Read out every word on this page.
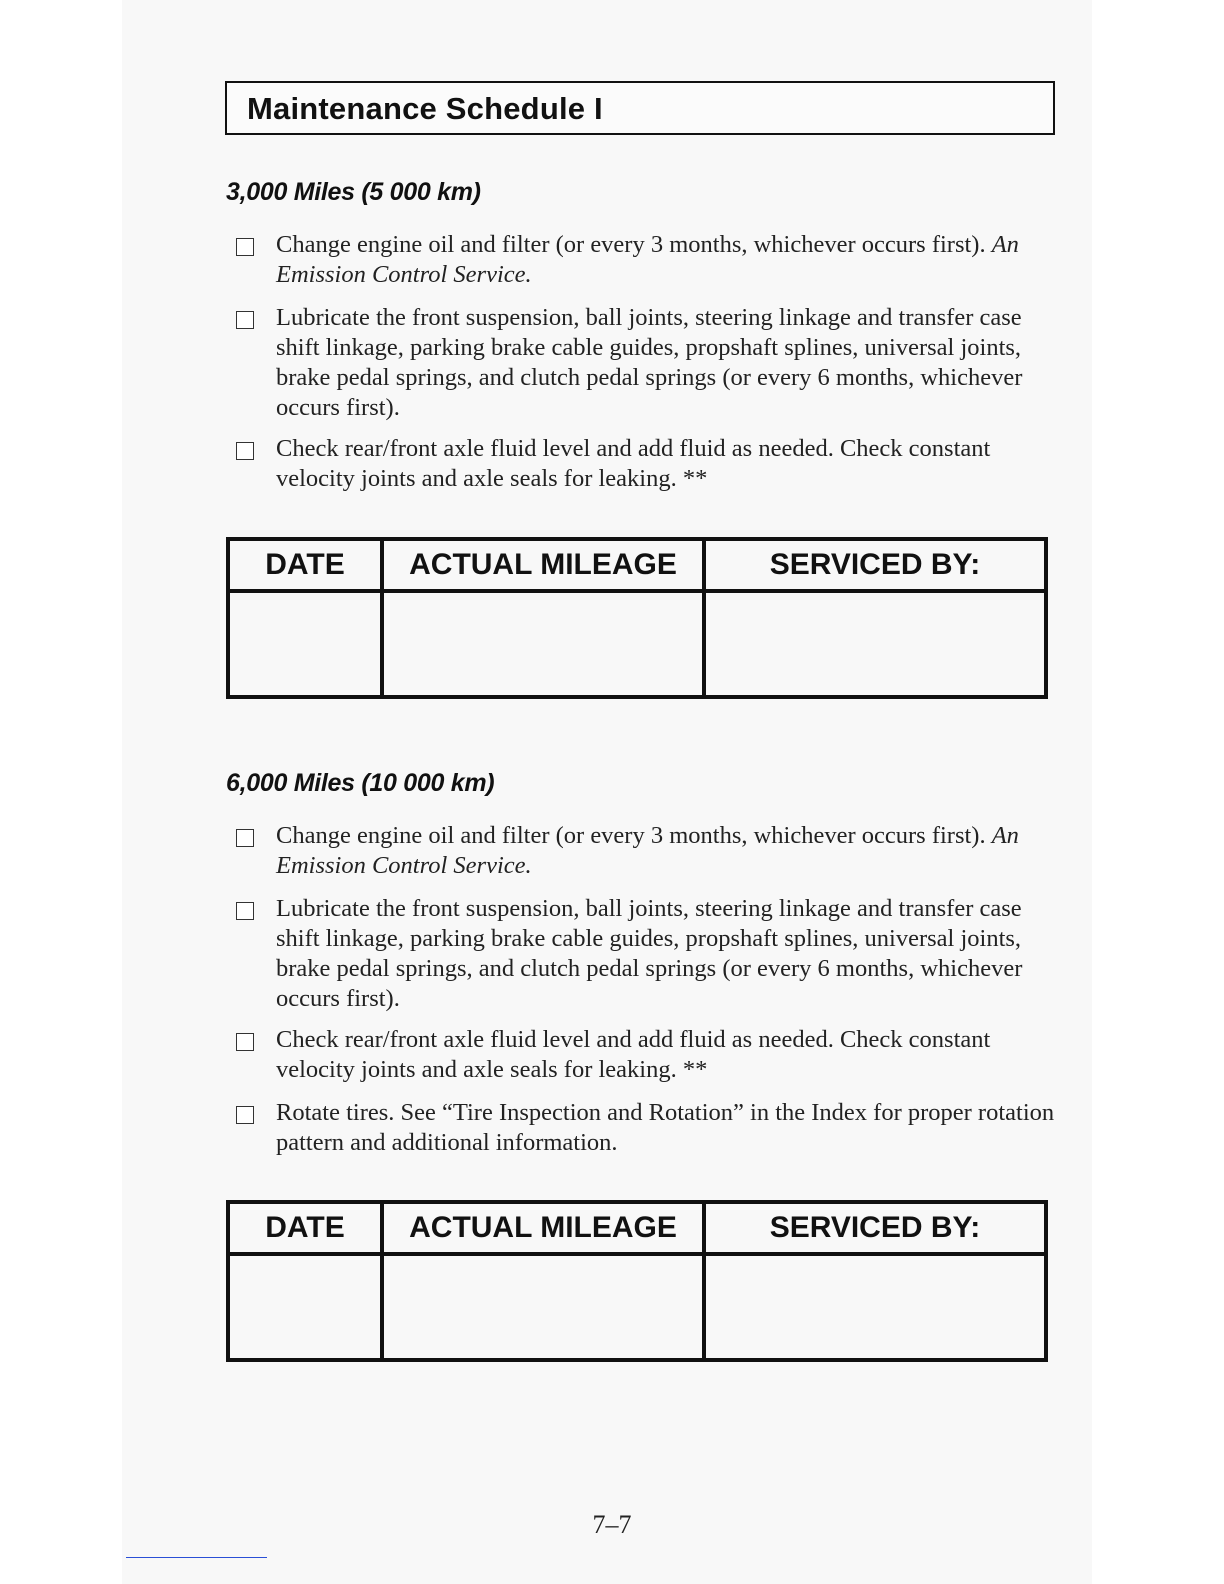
Maintenance Schedule I
3,000 Miles (5 000 km)
Change engine oil and filter (or every 3 months, whichever occurs first). An Emission Control Service.
Lubricate the front suspension, ball joints, steering linkage and transfer case shift linkage, parking brake cable guides, propshaft splines, universal joints, brake pedal springs, and clutch pedal springs (or every 6 months, whichever occurs first).
Check rear/front axle fluid level and add fluid as needed. Check constant velocity joints and axle seals for leaking. **
DATE	ACTUAL MILEAGE	SERVICED BY:
6,000 Miles (10 000 km)
Change engine oil and filter (or every 3 months, whichever occurs first). An Emission Control Service.
Lubricate the front suspension, ball joints, steering linkage and transfer case shift linkage, parking brake cable guides, propshaft splines, universal joints, brake pedal springs, and clutch pedal springs (or every 6 months, whichever occurs first).
Check rear/front axle fluid level and add fluid as needed. Check constant velocity joints and axle seals for leaking. **
Rotate tires. See “Tire Inspection and Rotation” in the Index for proper rotation pattern and additional information.
DATE	ACTUAL MILEAGE	SERVICED BY:
7–7
